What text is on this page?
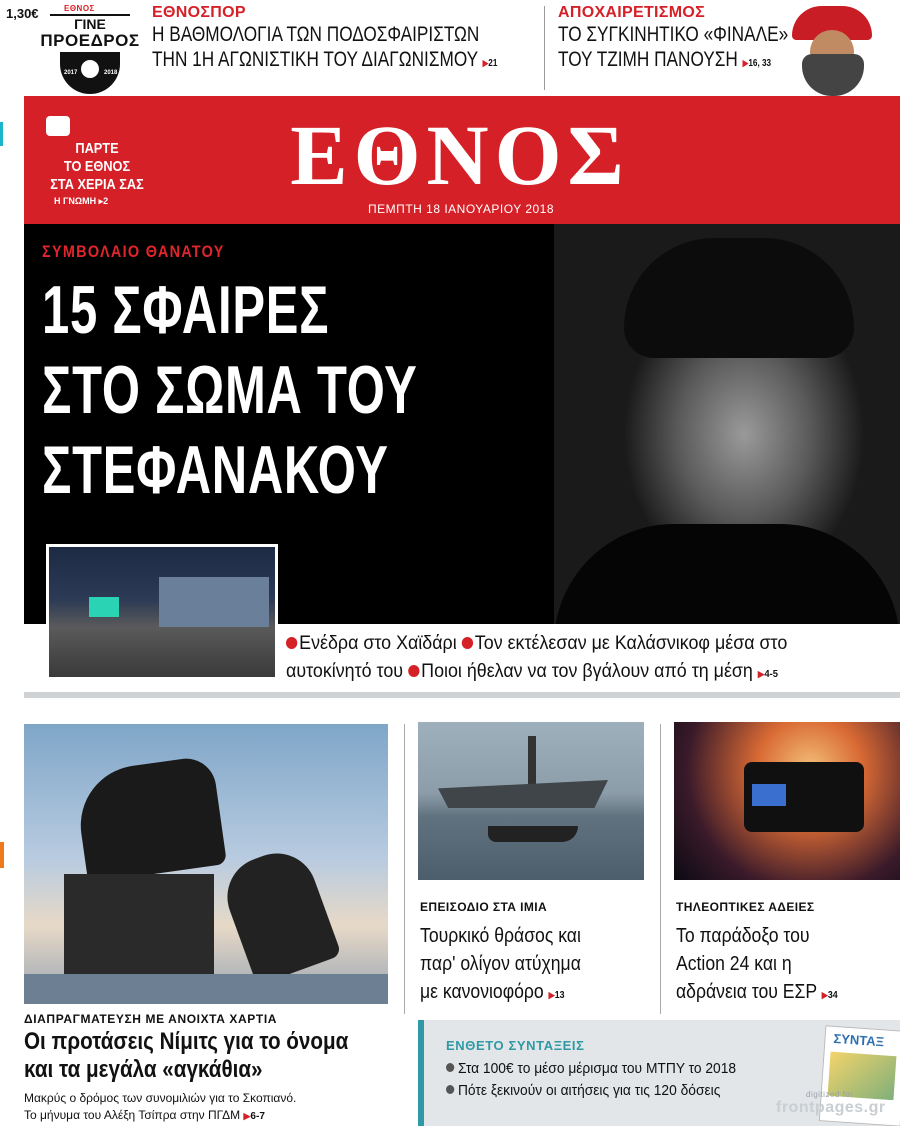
1,30€	ΕΘΝΟΣ
ΓΙΝΕ
ΠΡΟΕΔΡΟΣ
2017	2018
ΕΘΝΟΣΠΟΡ
Η ΒΑΘΜΟΛΟΓΙΑ ΤΩΝ ΠΟΔΟΣΦΑΙΡΙΣΤΩΝ
ΤΗΝ 1Η ΑΓΩΝΙΣΤΙΚΗ ΤΟΥ ΔΙΑΓΩΝΙΣΜΟΥ ▶21
ΑΠΟΧΑΙΡΕΤΙΣΜΟΣ
ΤΟ ΣΥΓΚΙΝΗΤΙΚΟ «ΦΙΝΑΛΕ»
ΤΟΥ ΤΖΙΜΗ ΠΑΝΟΥΣΗ ▶16, 33
ΠΑΡΤΕ
ΤΟ ΕΘΝΟΣ
ΣΤΑ ΧΕΡΙΑ ΣΑΣ
Η ΓΝΩΜΗ ▸2	ΕΘΝΟΣ
ΠΕΜΠΤΗ 18 ΙΑΝΟΥΑΡΙΟΥ 2018
ΣΥΜΒΟΛΑΙΟ ΘΑΝΑΤΟΥ
15 ΣΦΑΙΡΕΣ
ΣΤΟ ΣΩΜΑ ΤΟΥ
ΣΤΕΦΑΝΑΚΟΥ
Ενέδρα στο Χαϊδάρι Τον εκτέλεσαν με Καλάσνικοφ μέσα στο
αυτοκίνητό του Ποιοι ήθελαν να τον βγάλουν από τη μέση ▶4-5
ΔΙΑΠΡΑΓΜΑΤΕΥΣΗ ΜΕ ΑΝΟΙΧΤΑ ΧΑΡΤΙΑ
Οι προτάσεις Νίμιτς για το όνομα
και τα μεγάλα «αγκάθια»
Μακρύς ο δρόμος των συνομιλιών για το Σκοπιανό.
Το μήνυμα του Αλέξη Τσίπρα στην ΠΓΔΜ ▶6-7
ΕΠΕΙΣΟΔΙΟ ΣΤΑ ΙΜΙΑ
Τουρκικό θράσος και
παρ' ολίγον ατύχημα
με κανονιοφόρο ▶13
ΤΗΛΕΟΠΤΙΚΕΣ ΑΔΕΙΕΣ
Το παράδοξο του
Action 24 και η
αδράνεια του ΕΣΡ ▶34
ΕΝΘΕΤΟ ΣΥΝΤΑΞΕΙΣ
Στα 100€ το μέσο μέρισμα του ΜΤΠΥ το 2018
Πότε ξεκινούν οι αιτήσεις για τις 120 δόσεις
ΣΥΝΤΑΞ
digitized for
frontpages.gr
